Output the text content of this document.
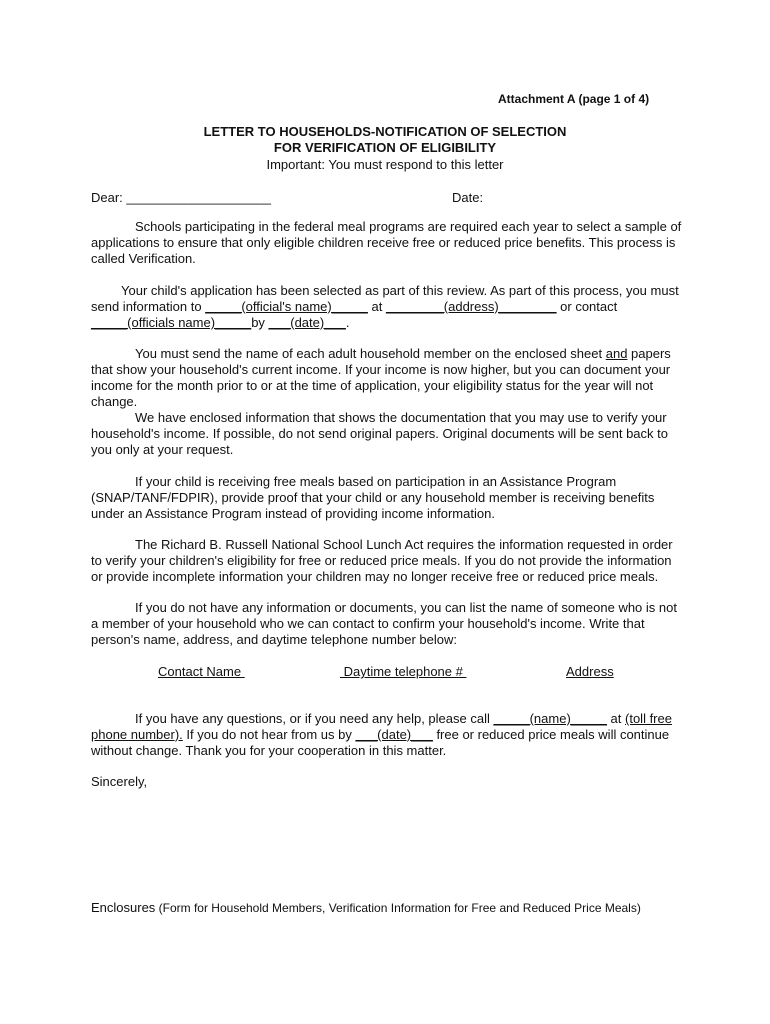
Attachment A (page 1 of 4)
LETTER TO HOUSEHOLDS-NOTIFICATION OF SELECTION
FOR VERIFICATION OF ELIGIBILITY
Important: You must respond to this letter
Dear: ____________________	Date:

Schools participating in the federal meal programs are required each year to select a sample of applications to ensure that only eligible children receive free or reduced price benefits. This process is called Verification.

Your child's application has been selected as part of this review. As part of this process, you must send information to _____(official's name)_____ at ________(address)________ or contact _____(officials name)_____by ___(date)___.

You must send the name of each adult household member on the enclosed sheet and papers that show your household's current income. If your income is now higher, but you can document your income for the month prior to or at the time of application, your eligibility status for the year will not change.

We have enclosed information that shows the documentation that you may use to verify your household's income. If possible, do not send original papers. Original documents will be sent back to you only at your request.

If your child is receiving free meals based on participation in an Assistance Program (SNAP/TANF/FDPIR), provide proof that your child or any household member is receiving benefits under an Assistance Program instead of providing income information.

The Richard B. Russell National School Lunch Act requires the information requested in order to verify your children's eligibility for free or reduced price meals. If you do not provide the information or provide incomplete information your children may no longer receive free or reduced price meals.

If you do not have any information or documents, you can list the name of someone who is not a member of your household who we can contact to confirm your household's income. Write that person's name, address, and daytime telephone number below:

Contact Name	Daytime telephone #	Address

If you have any questions, or if you need any help, please call _____(name)_____ at (toll free phone number). If you do not hear from us by ___(date)___ free or reduced price meals will continue without change. Thank you for your cooperation in this matter.

Sincerely,
Enclosures (Form for Household Members, Verification Information for Free and Reduced Price Meals)
